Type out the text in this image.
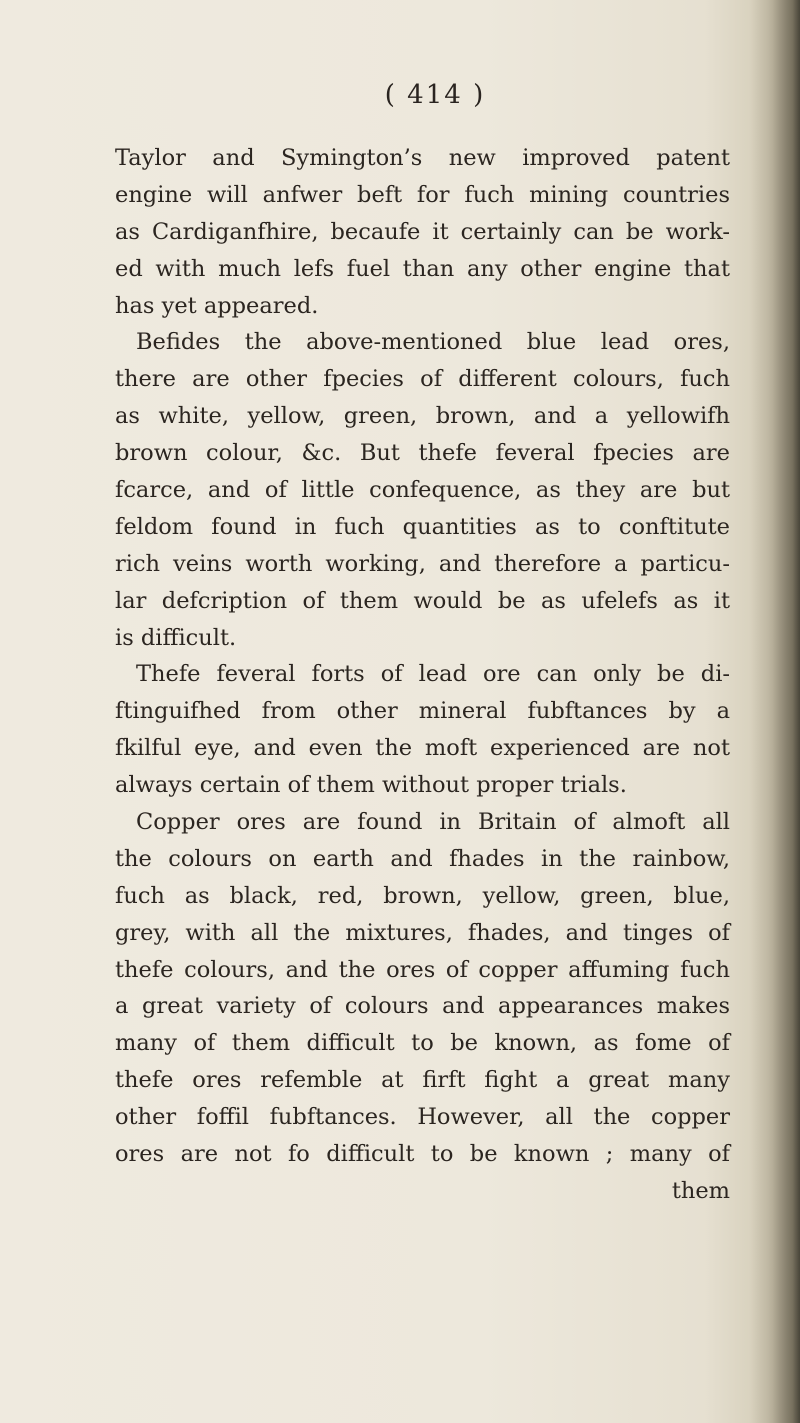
( 414 )
Taylor and Symington’s new improved patent
engine will anfwer beft for fuch mining countries
as Cardiganfhire, becaufe it certainly can be work-
ed with much lefs fuel than any other engine that
has yet appeared.
Befides the above-mentioned blue lead ores,
there are other fpecies of different colours, fuch
as white, yellow, green, brown, and a yellowifh
brown colour, &c. But thefe feveral fpecies are
fcarce, and of little confequence, as they are but
feldom found in fuch quantities as to conftitute
rich veins worth working, and therefore a particu-
lar defcription of them would be as ufelefs as it
is difficult.
Thefe feveral forts of lead ore can only be di-
ftinguifhed from other mineral fubftances by a
fkilful eye, and even the moft experienced are not
always certain of them without proper trials.
Copper ores are found in Britain of almoft all
the colours on earth and fhades in the rainbow,
fuch as black, red, brown, yellow, green, blue,
grey, with all the mixtures, fhades, and tinges of
thefe colours, and the ores of copper affuming fuch
a great variety of colours and appearances makes
many of them difficult to be known, as fome of
thefe ores refemble at firft fight a great many
other foffil fubftances. However, all the copper
ores are not fo difficult to be known ; many of
them
